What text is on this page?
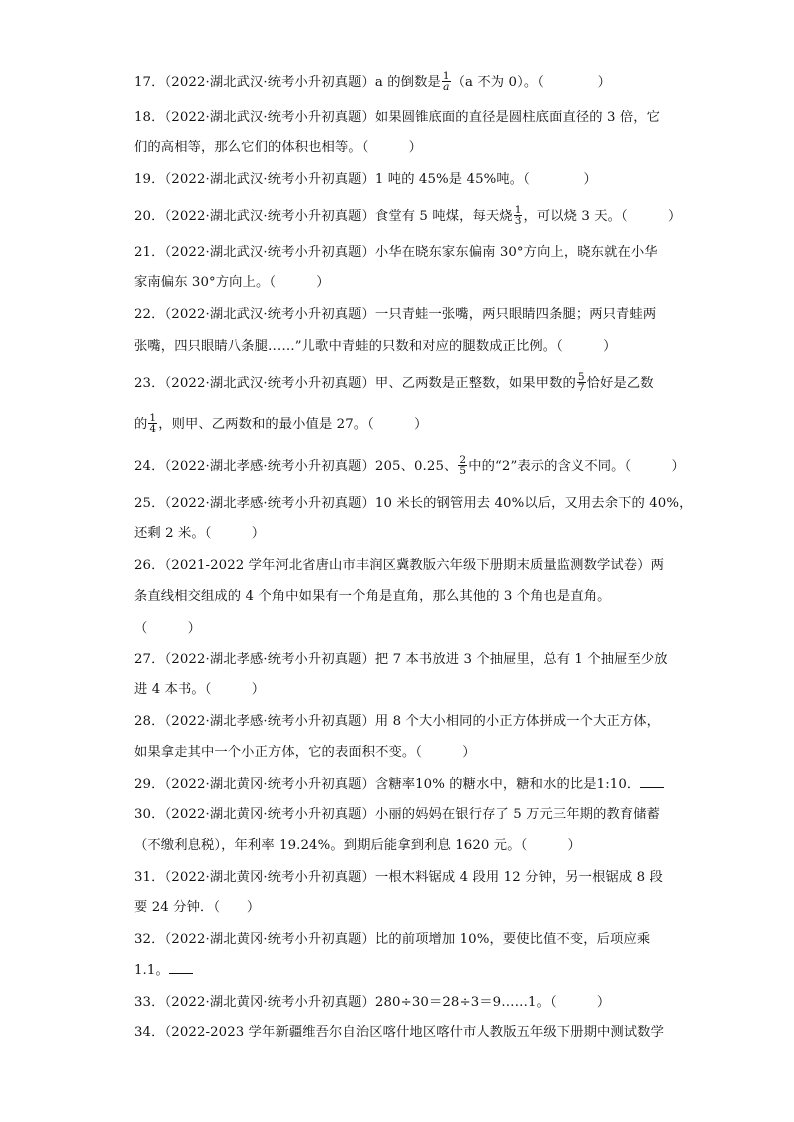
17．（2022·湖北武汉·统考小升初真题）a 的倒数是 $\frac{1}{a} (a$ 不为 0）。（　　　　）
18．（2022·湖北武汉·统考小升初真题）如果圆锥底面的直径是圆柱底面直径的 3 倍，它
们的高相等，那么它们的体积也相等。（　　　）
19．（2022·湖北武汉·统考小升初真题）1 吨的 45%是 45%吨。（　　　　）
20．（2022·湖北武汉·统考小升初真题）食堂有 5 吨煤，每天烧 $\frac{1}{3}$ ，可以烧 3 天。（　　　）
21．（2022·湖北武汉·统考小升初真题）小华在晓东家东偏南 30°方向上，晓东就在小华
家南偏东 30°方向上。（　　　）
22．（2022·湖北武汉·统考小升初真题）一只青蛙一张嘴，两只眼睛四条腿；两只青蛙两
张嘴，四只眼睛八条腿……”儿歌中青蛙的只数和对应的腿数成正比例。（　　　）
23．（2022·湖北武汉·统考小升初真题）甲、乙两数是正整数，如果甲数的 $\frac{5}{7}$ 恰好是乙数
的 $\frac{1}{4}$ ，则甲、乙两数和的最小值是 27。（　　　）
24．（2022·湖北孝感·统考小升初真题）205、0.25、 $\frac{2}{5}$ 中的“2”表示的含义不同。（　　　）
25．（2022·湖北孝感·统考小升初真题）10 米长的钢管用去 40%以后，又用去余下的 40%，
还剩 2 米。（　　　）
26．（2021-2022 学年河北省唐山市丰润区冀教版六年级下册期末质量监测数学试卷）两
条直线相交组成的 4 个角中如果有一个角是直角，那么其他的 3 个角也是直角。
（　　　）
27．（2022·湖北孝感·统考小升初真题）把 7 本书放进 3 个抽屉里，总有 1 个抽屉至少放
进 4 本书。（　　　）
28．（2022·湖北孝感·统考小升初真题）用 8 个大小相同的小正方体拼成一个大正方体，
如果拿走其中一个小正方体，它的表面积不变。（　　　）
29．（2022·湖北黄冈·统考小升初真题）含糖率10% 的糖水中，糖和水的比是1:10．
30．（2022·湖北黄冈·统考小升初真题）小丽的妈妈在银行存了 5 万元三年期的教育储蓄
（不缴利息税），年利率 19.24%。到期后能拿到利息 1620 元。（　　　）
31．（2022·湖北黄冈·统考小升初真题）一根木料锯成 4 段用 12 分钟，另一根锯成 8 段
要 24 分钟．（　　）
32．（2022·湖北黄冈·统考小升初真题）比的前项增加 10%，要使比值不变，后项应乘
1.1。
33．（2022·湖北黄冈·统考小升初真题）280÷30＝28÷3＝9……1。（　　　）
34．（2022-2023 学年新疆维吾尔自治区喀什地区喀什市人教版五年级下册期中测试数学
